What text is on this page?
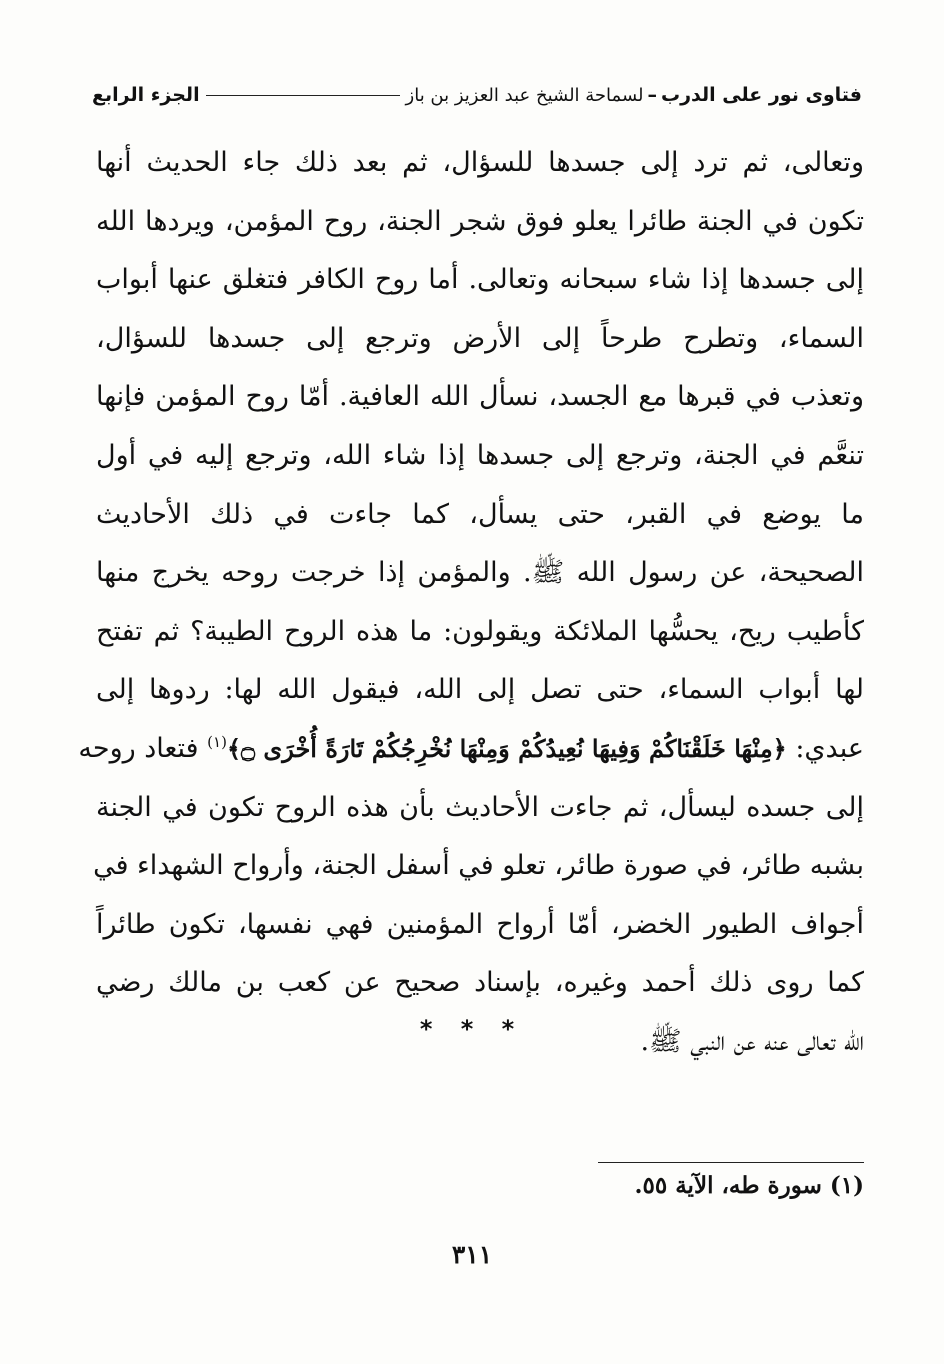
فتاوى نور على الدرب
–
لسماحة الشيخ عبد العزيز بن باز
الجزء الرابع
وتعالى، ثم ترد إلى جسدها للسؤال، ثم بعد ذلك جاء الحديث أنها
تكون في الجنة طائرا يعلو فوق شجر الجنة، روح المؤمن، ويردها الله
إلى جسدها إذا شاء سبحانه وتعالى. أما روح الكافر فتغلق عنها أبواب
السماء، وتطرح طرحاً إلى الأرض وترجع إلى جسدها للسؤال،
وتعذب في قبرها مع الجسد، نسأل الله العافية. أمّا روح المؤمن فإنها
تنعَّم في الجنة، وترجع إلى جسدها إذا شاء الله، وترجع إليه في أول
ما يوضع في القبر، حتى يسأل، كما جاءت في ذلك الأحاديث
الصحيحة، عن رسول الله ﷺ. والمؤمن إذا خرجت روحه يخرج منها
كأطيب ريح، يحسُّها الملائكة ويقولون: ما هذه الروح الطيبة؟ ثم تفتح
لها أبواب السماء، حتى تصل إلى الله، فيقول الله لها: ردوها إلى
عبدي: ﴿مِنْهَا خَلَقْنَاكُمْ وَفِيهَا نُعِيدُكُمْ وَمِنْهَا نُخْرِجُكُمْ تَارَةً أُخْرَى ۝﴾$^{(١)}$ فتعاد روحه
إلى جسده ليسأل، ثم جاءت الأحاديث بأن هذه الروح تكون في الجنة
بشبه طائر، في صورة طائر، تعلو في أسفل الجنة، وأرواح الشهداء في
أجواف الطيور الخضر، أمّا أرواح المؤمنين فهي نفسها، تكون طائراً
كما روى ذلك أحمد وغيره، بإسناد صحيح عن كعب بن مالك رضي
الله تعالى عنه عن النبي ﷺ.
* * *
(١) سورة طه، الآية ٥٥.
٣١١
